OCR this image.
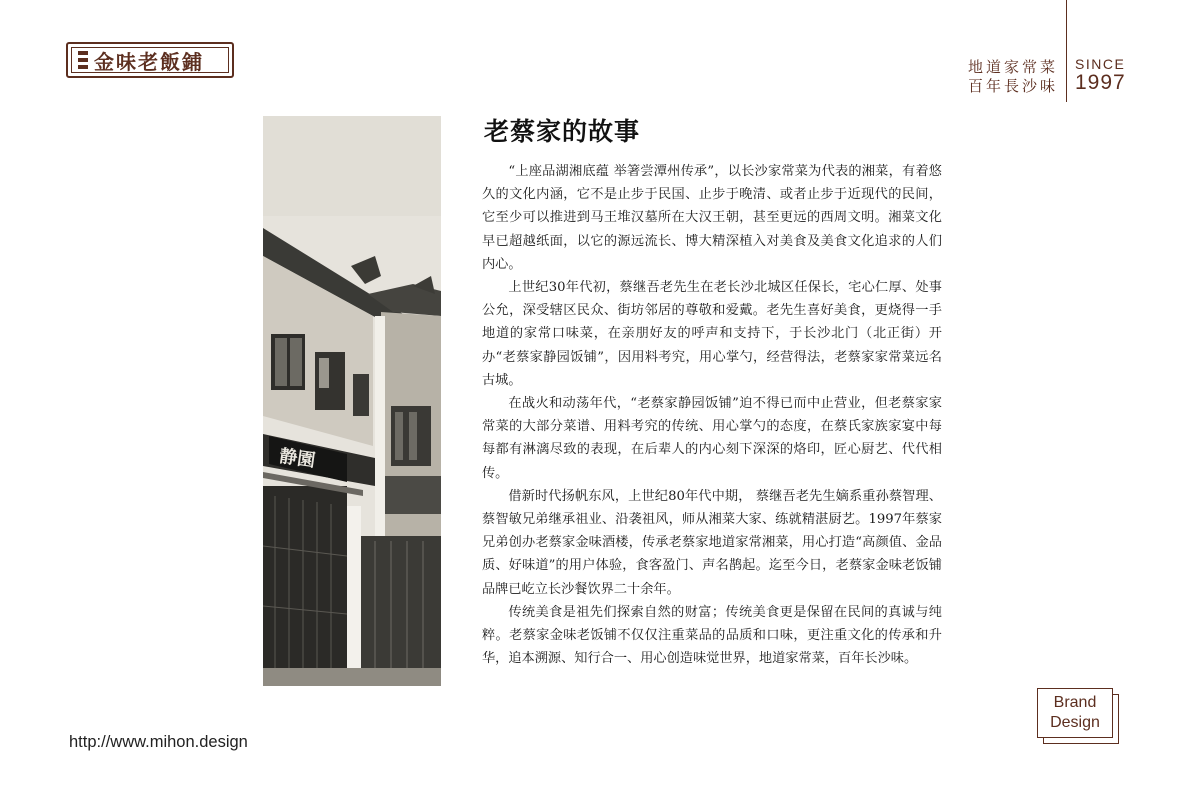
金味老飯鋪	地道家常菜
百年長沙味
SINCE
1997
静園
老蔡家的故事

“上座品湖湘底蕴 举箸尝潭州传承”，以长沙家常菜为代表的湘菜，有着悠久的文化内涵，它不是止步于民国、止步于晚清、或者止步于近现代的民间，它至少可以推进到马王堆汉墓所在大汉王朝，甚至更远的西周文明。湘菜文化早已超越纸面，以它的源远流长、博大精深植入对美食及美食文化追求的人们内心。

上世纪30年代初，蔡继吾老先生在老长沙北城区任保长，宅心仁厚、处事公允，深受辖区民众、街坊邻居的尊敬和爱戴。老先生喜好美食，更烧得一手地道的家常口味菜，在亲朋好友的呼声和支持下，于长沙北门（北正街）开办“老蔡家静园饭铺”，因用料考究，用心掌勺，经营得法，老蔡家家常菜远名古城。

在战火和动荡年代，“老蔡家静园饭铺”迫不得已而中止营业，但老蔡家家常菜的大部分菜谱、用料考究的传统、用心掌勺的态度，在蔡氏家族家宴中每每都有淋漓尽致的表现，在后辈人的内心刻下深深的烙印，匠心厨艺、代代相传。

借新时代扬帆东风，上世纪80年代中期， 蔡继吾老先生嫡系重孙蔡智理、蔡智敏兄弟继承祖业、沿袭祖风，师从湘菜大家、练就精湛厨艺。1997年蔡家兄弟创办老蔡家金味酒楼，传承老蔡家地道家常湘菜，用心打造“高颜值、金品质、好味道”的用户体验，食客盈门、声名鹊起。迄至今日，老蔡家金味老饭铺品牌已屹立长沙餐饮界二十余年。

传统美食是祖先们探索自然的财富；传统美食更是保留在民间的真诚与纯粹。老蔡家金味老饭铺不仅仅注重菜品的品质和口味，更注重文化的传承和升华，追本溯源、知行合一、用心创造味觉世界，地道家常菜，百年长沙味。

http://www.mihon.design
Brand
Design
